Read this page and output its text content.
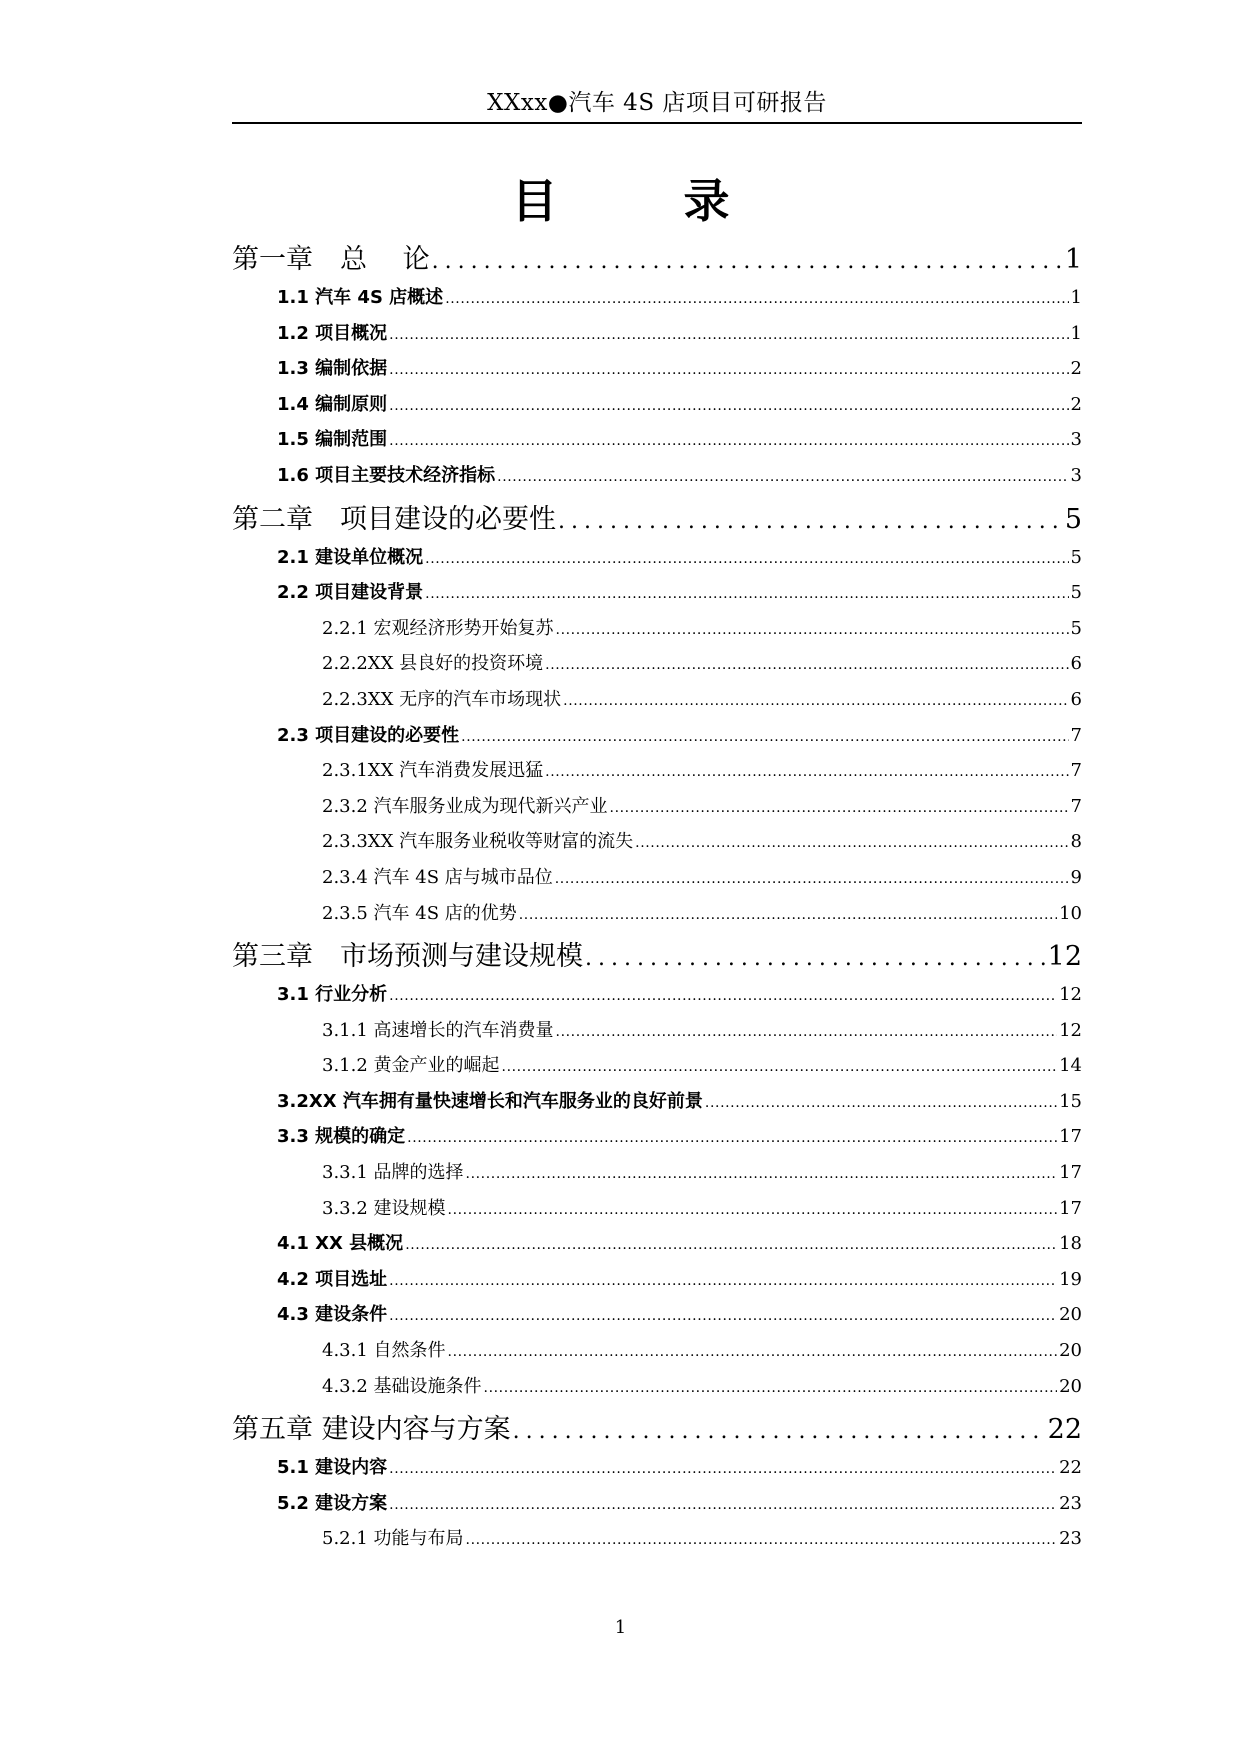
XXxx●汽车 4S 店项目可研报告
目 录
第一章　总　 论 .....	1
1.1 汽车 4S 店概述 .....	1
1.2 项目概况 .....	1
1.3 编制依据 .....	2
1.4 编制原则 .....	2
1.5 编制范围 .....	3
1.6 项目主要技术经济指标 .....	3
第二章　项目建设的必要性 .....	5
2.1 建设单位概况 .....	5
2.2 项目建设背景 .....	5
2.2.1 宏观经济形势开始复苏 .....	5
2.2.2XX 县良好的投资环境 .....	6
2.2.3XX 无序的汽车市场现状 .....	6
2.3 项目建设的必要性 .....	7
2.3.1XX 汽车消费发展迅猛 .....	7
2.3.2 汽车服务业成为现代新兴产业 .....	7
2.3.3XX 汽车服务业税收等财富的流失 .....	8
2.3.4 汽车 4S 店与城市品位 .....	9
2.3.5 汽车 4S 店的优势 .....	10
第三章　市场预测与建设规模 .....	12
3.1 行业分析 .....	12
3.1.1 高速增长的汽车消费量 .....	12
3.1.2 黄金产业的崛起 .....	14
3.2XX 汽车拥有量快速增长和汽车服务业的良好前景 .....	15
3.3 规模的确定 .....	17
3.3.1 品牌的选择 .....	17
3.3.2 建设规模 .....	17
4.1 XX 县概况 .....	18
4.2 项目选址 .....	19
4.3 建设条件 .....	20
4.3.1 自然条件 .....	20
4.3.2 基础设施条件 .....	20
第五章 建设内容与方案 .....	22
5.1 建设内容 .....	22
5.2 建设方案 .....	23
5.2.1 功能与布局 .....	23
1
